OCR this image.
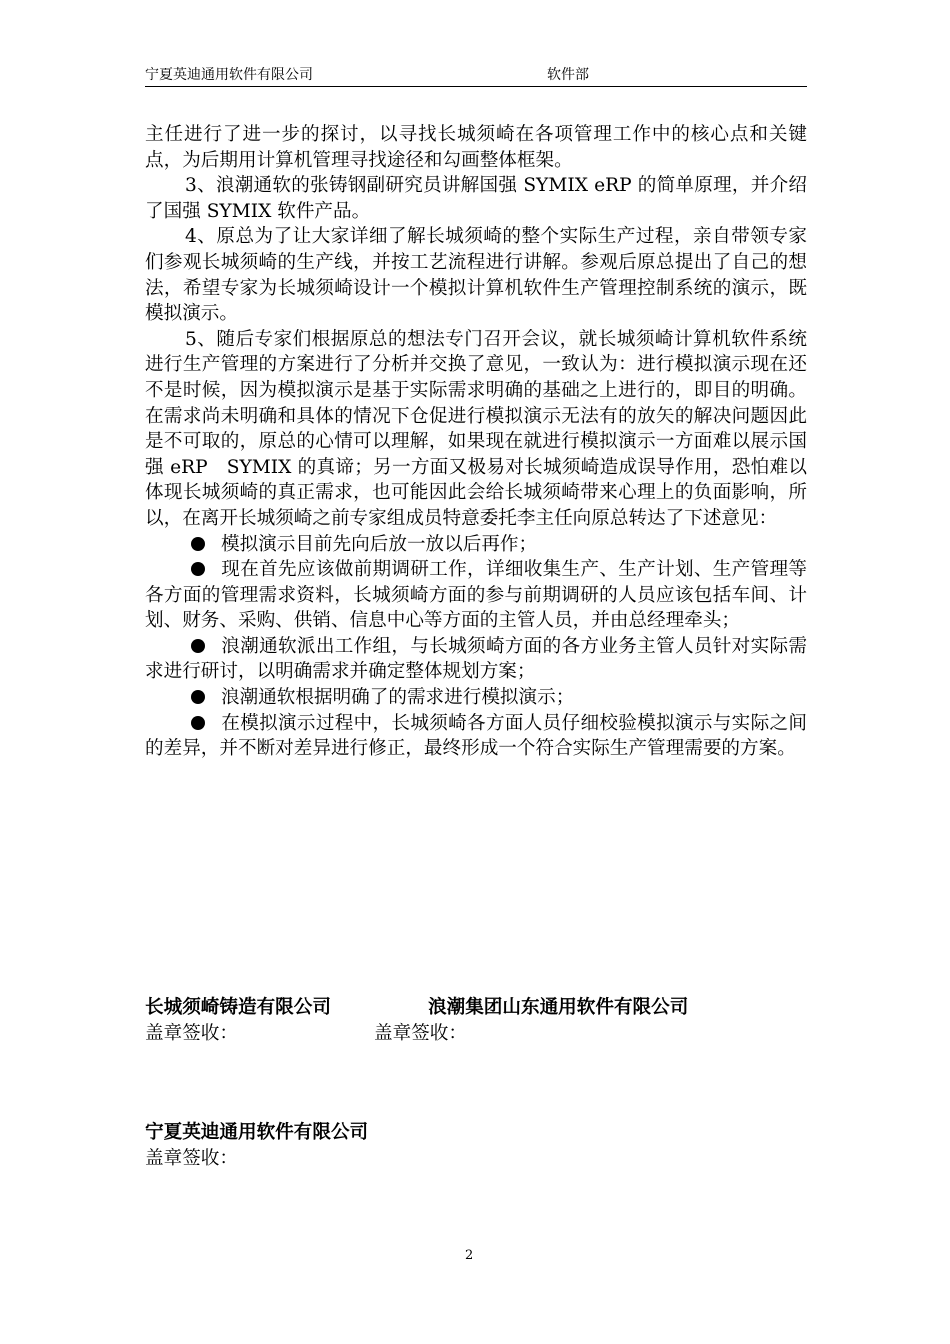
宁夏英迪通用软件有限公司	软件部

主任进行了进一步的探讨，以寻找长城须崎在各项管理工作中的核心点和关键点，为后期用计算机管理寻找途径和勾画整体框架。

3、浪潮通软的张铸钢副研究员讲解国强 SYMIX eRP 的简单原理，并介绍了国强 SYMIX 软件产品。

4、原总为了让大家详细了解长城须崎的整个实际生产过程，亲自带领专家们参观长城须崎的生产线，并按工艺流程进行讲解。参观后原总提出了自己的想法，希望专家为长城须崎设计一个模拟计算机软件生产管理控制系统的演示，既模拟演示。

5、随后专家们根据原总的想法专门召开会议，就长城须崎计算机软件系统进行生产管理的方案进行了分析并交换了意见，一致认为：进行模拟演示现在还不是时候，因为模拟演示是基于实际需求明确的基础之上进行的，即目的明确。在需求尚未明确和具体的情况下仓促进行模拟演示无法有的放矢的解决问题因此是不可取的，原总的心情可以理解，如果现在就进行模拟演示一方面难以展示国强 eRP　SYMIX 的真谛；另一方面又极易对长城须崎造成误导作用，恐怕难以体现长城须崎的真正需求，也可能因此会给长城须崎带来心理上的负面影响，所以，在离开长城须崎之前专家组成员特意委托李主任向原总转达了下述意见：

模拟演示目前先向后放一放以后再作；

现在首先应该做前期调研工作，详细收集生产、生产计划、生产管理等各方面的管理需求资料，长城须崎方面的参与前期调研的人员应该包括车间、计划、财务、采购、供销、信息中心等方面的主管人员，并由总经理牵头；

浪潮通软派出工作组，与长城须崎方面的各方业务主管人员针对实际需求进行研讨，以明确需求并确定整体规划方案；

浪潮通软根据明确了的需求进行模拟演示；

在模拟演示过程中，长城须崎各方面人员仔细校验模拟演示与实际之间的差异，并不断对差异进行修正，最终形成一个符合实际生产管理需要的方案。

长城须崎铸造有限公司
盖章签收：
浪潮集团山东通用软件有限公司
盖章签收：
宁夏英迪通用软件有限公司
盖章签收：
2
